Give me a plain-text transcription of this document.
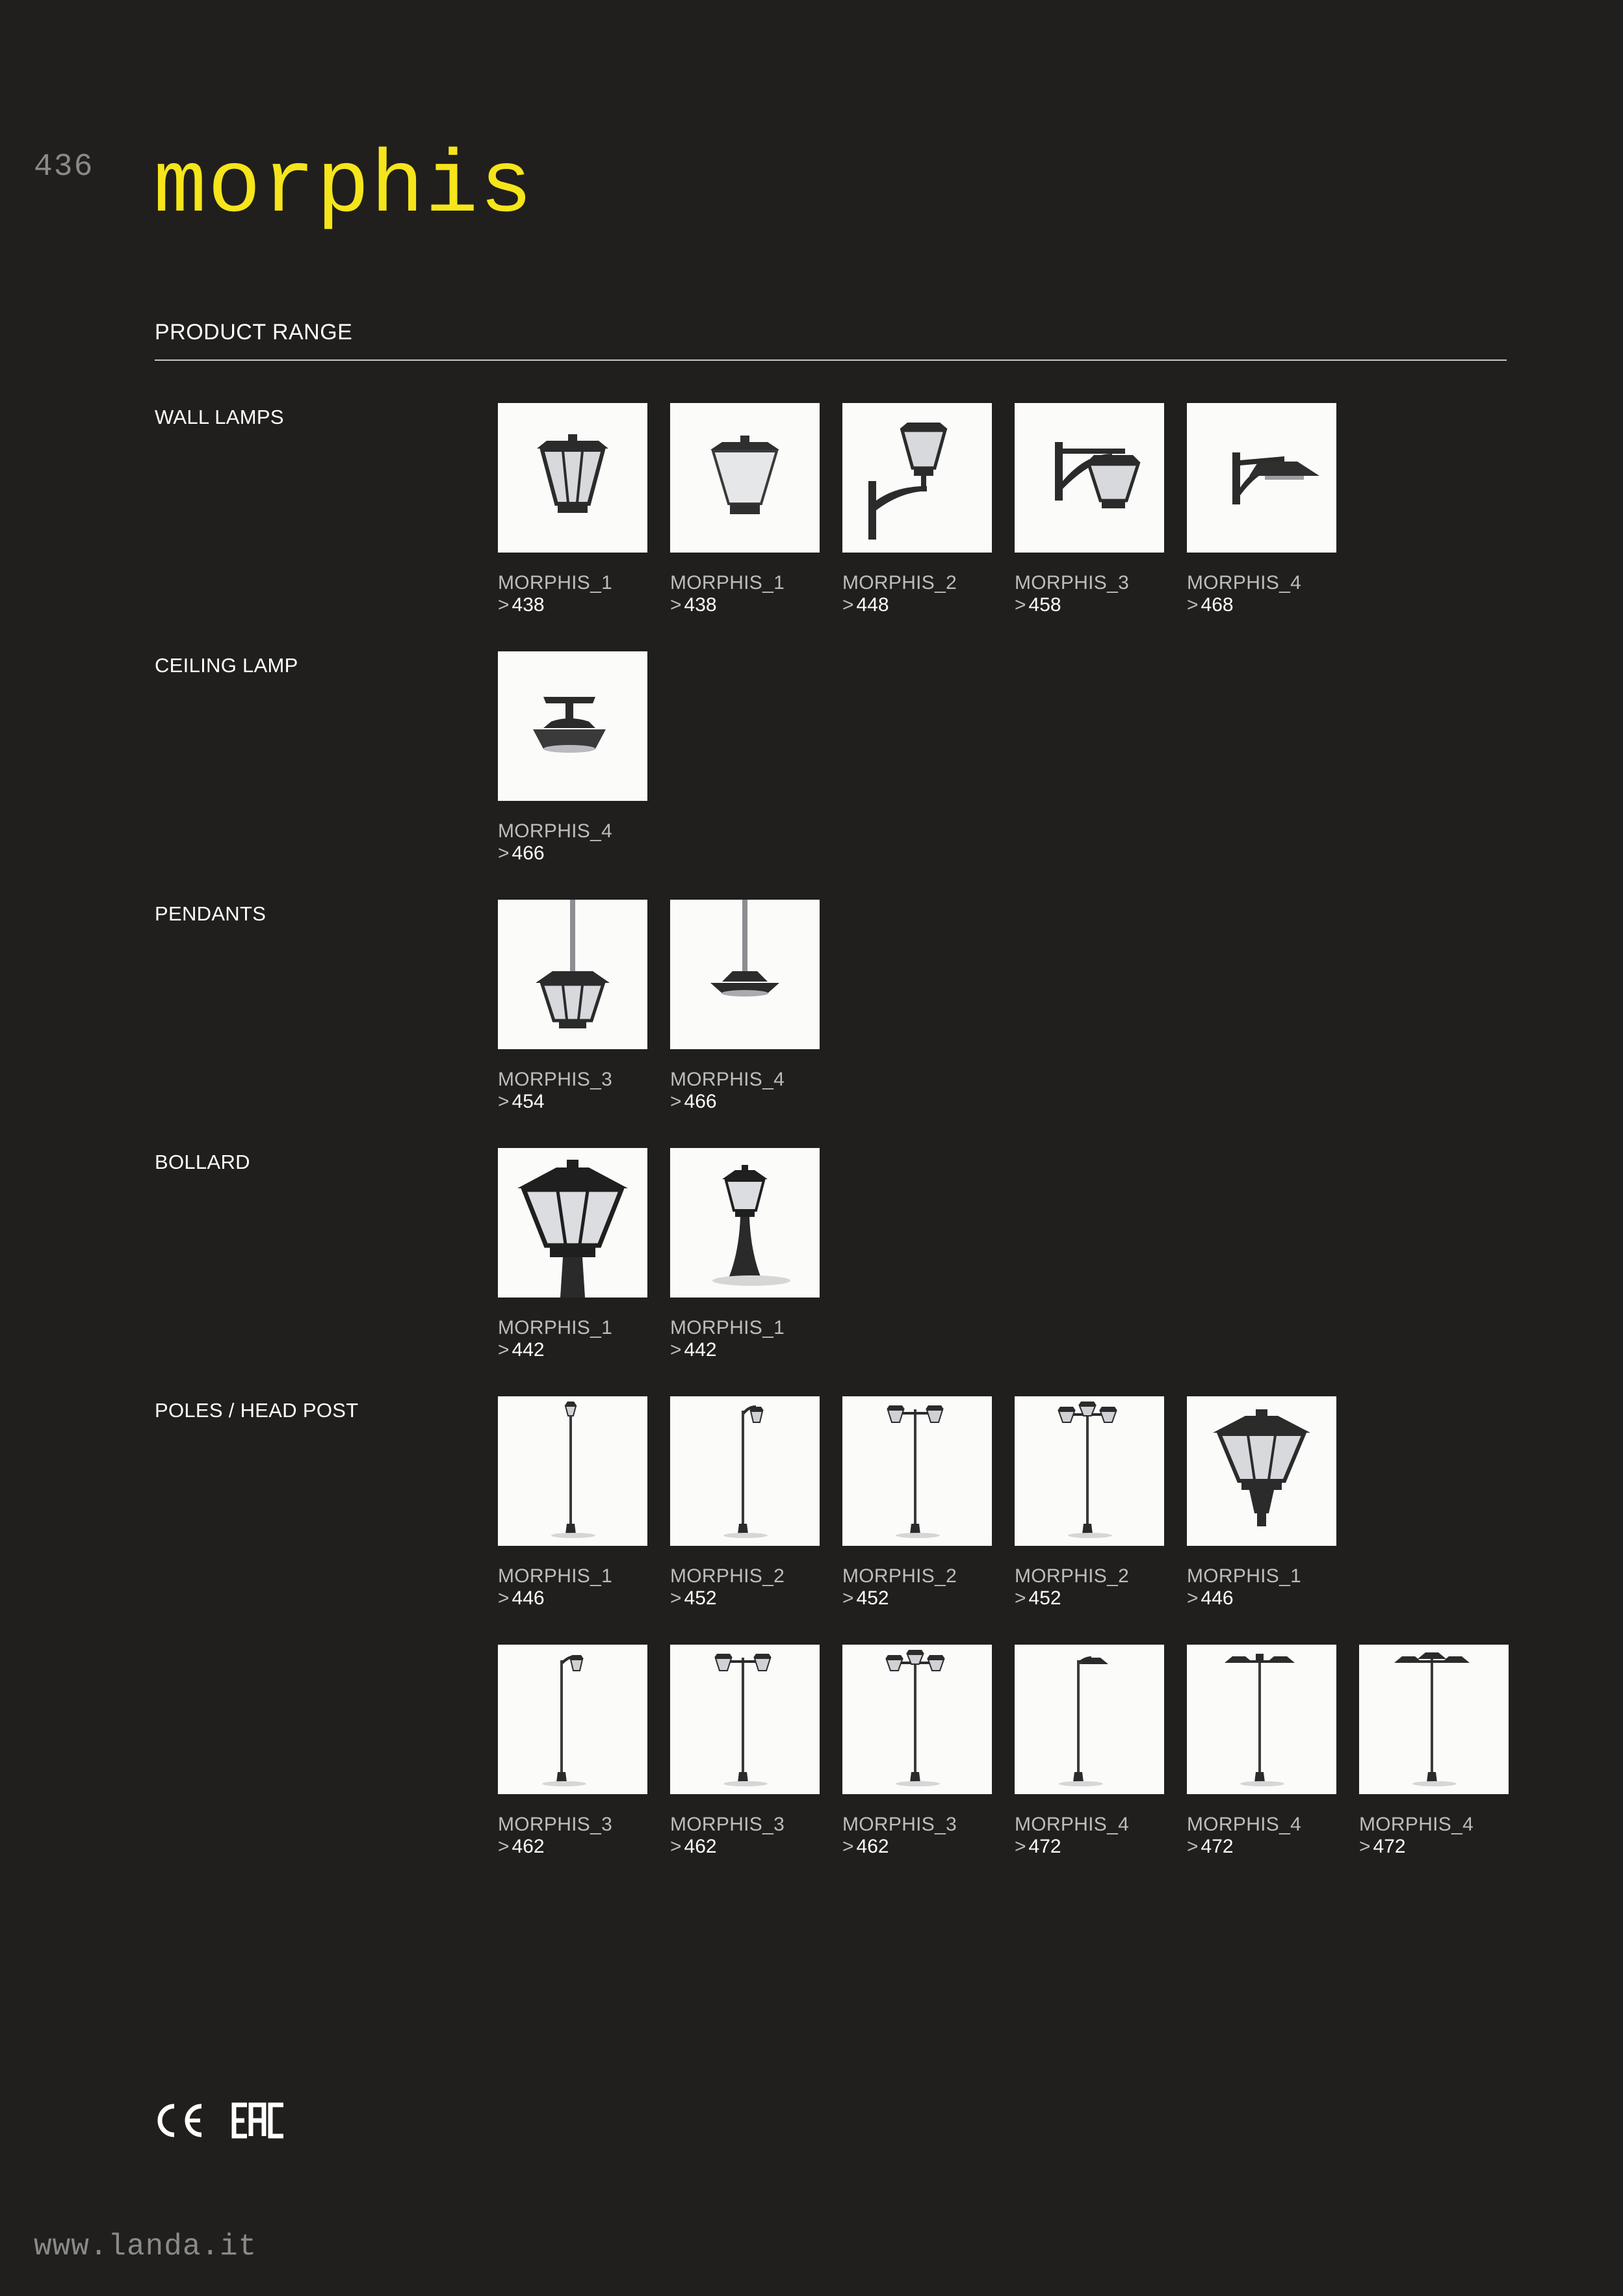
436 morphis
PRODUCT RANGE
WALL LAMPS
CEILING LAMP
PENDANTS
BOLLARD
POLES / HEAD POST
MORPHIS_1
> 438
MORPHIS_1
> 438
MORPHIS_2
> 448
MORPHIS_3
> 458
MORPHIS_4
> 468
MORPHIS_4
> 466
MORPHIS_3
> 454
MORPHIS_4
> 466
MORPHIS_1
> 442
MORPHIS_1
> 442
MORPHIS_1
> 446
MORPHIS_2
> 452
MORPHIS_2
> 452
MORPHIS_2
> 452
MORPHIS_1
> 446
MORPHIS_3
> 462
MORPHIS_3
> 462
MORPHIS_3
> 462
MORPHIS_4
> 472
MORPHIS_4
> 472
MORPHIS_4
> 472
www.landa.it
